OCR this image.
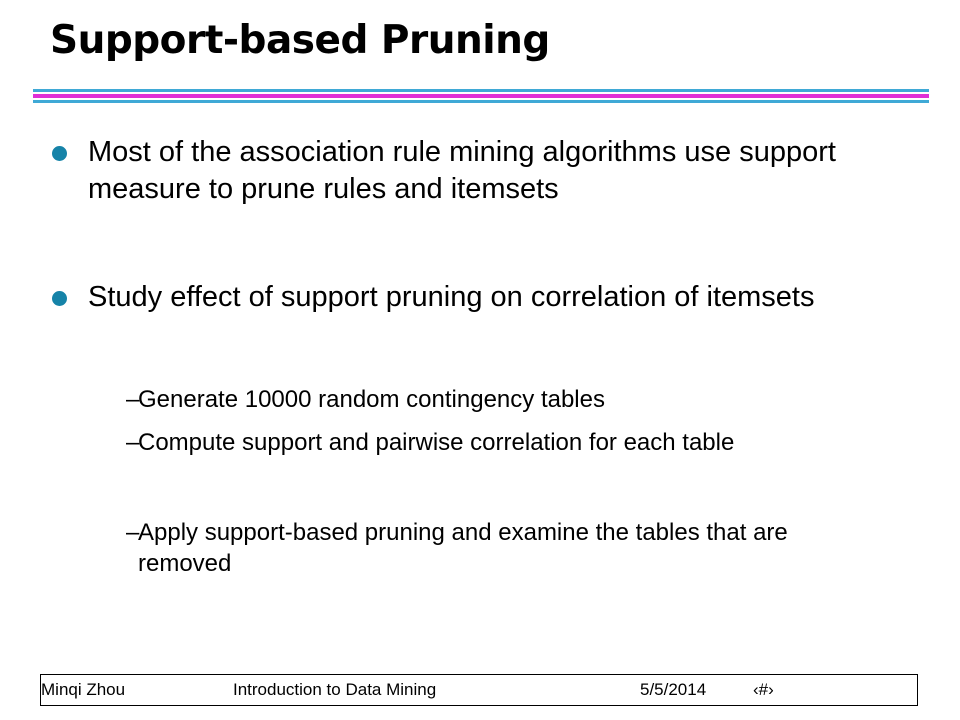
Support-based Pruning
Most of the association rule mining algorithms use support measure to prune rules and itemsets
Study effect of support pruning on correlation of itemsets
–
Generate 10000 random contingency tables
–
Compute support and pairwise correlation for each table
–
Apply support-based pruning and examine the tables that are removed
Minqi Zhou	Introduction to Data Mining	5/5/2014	‹#›
